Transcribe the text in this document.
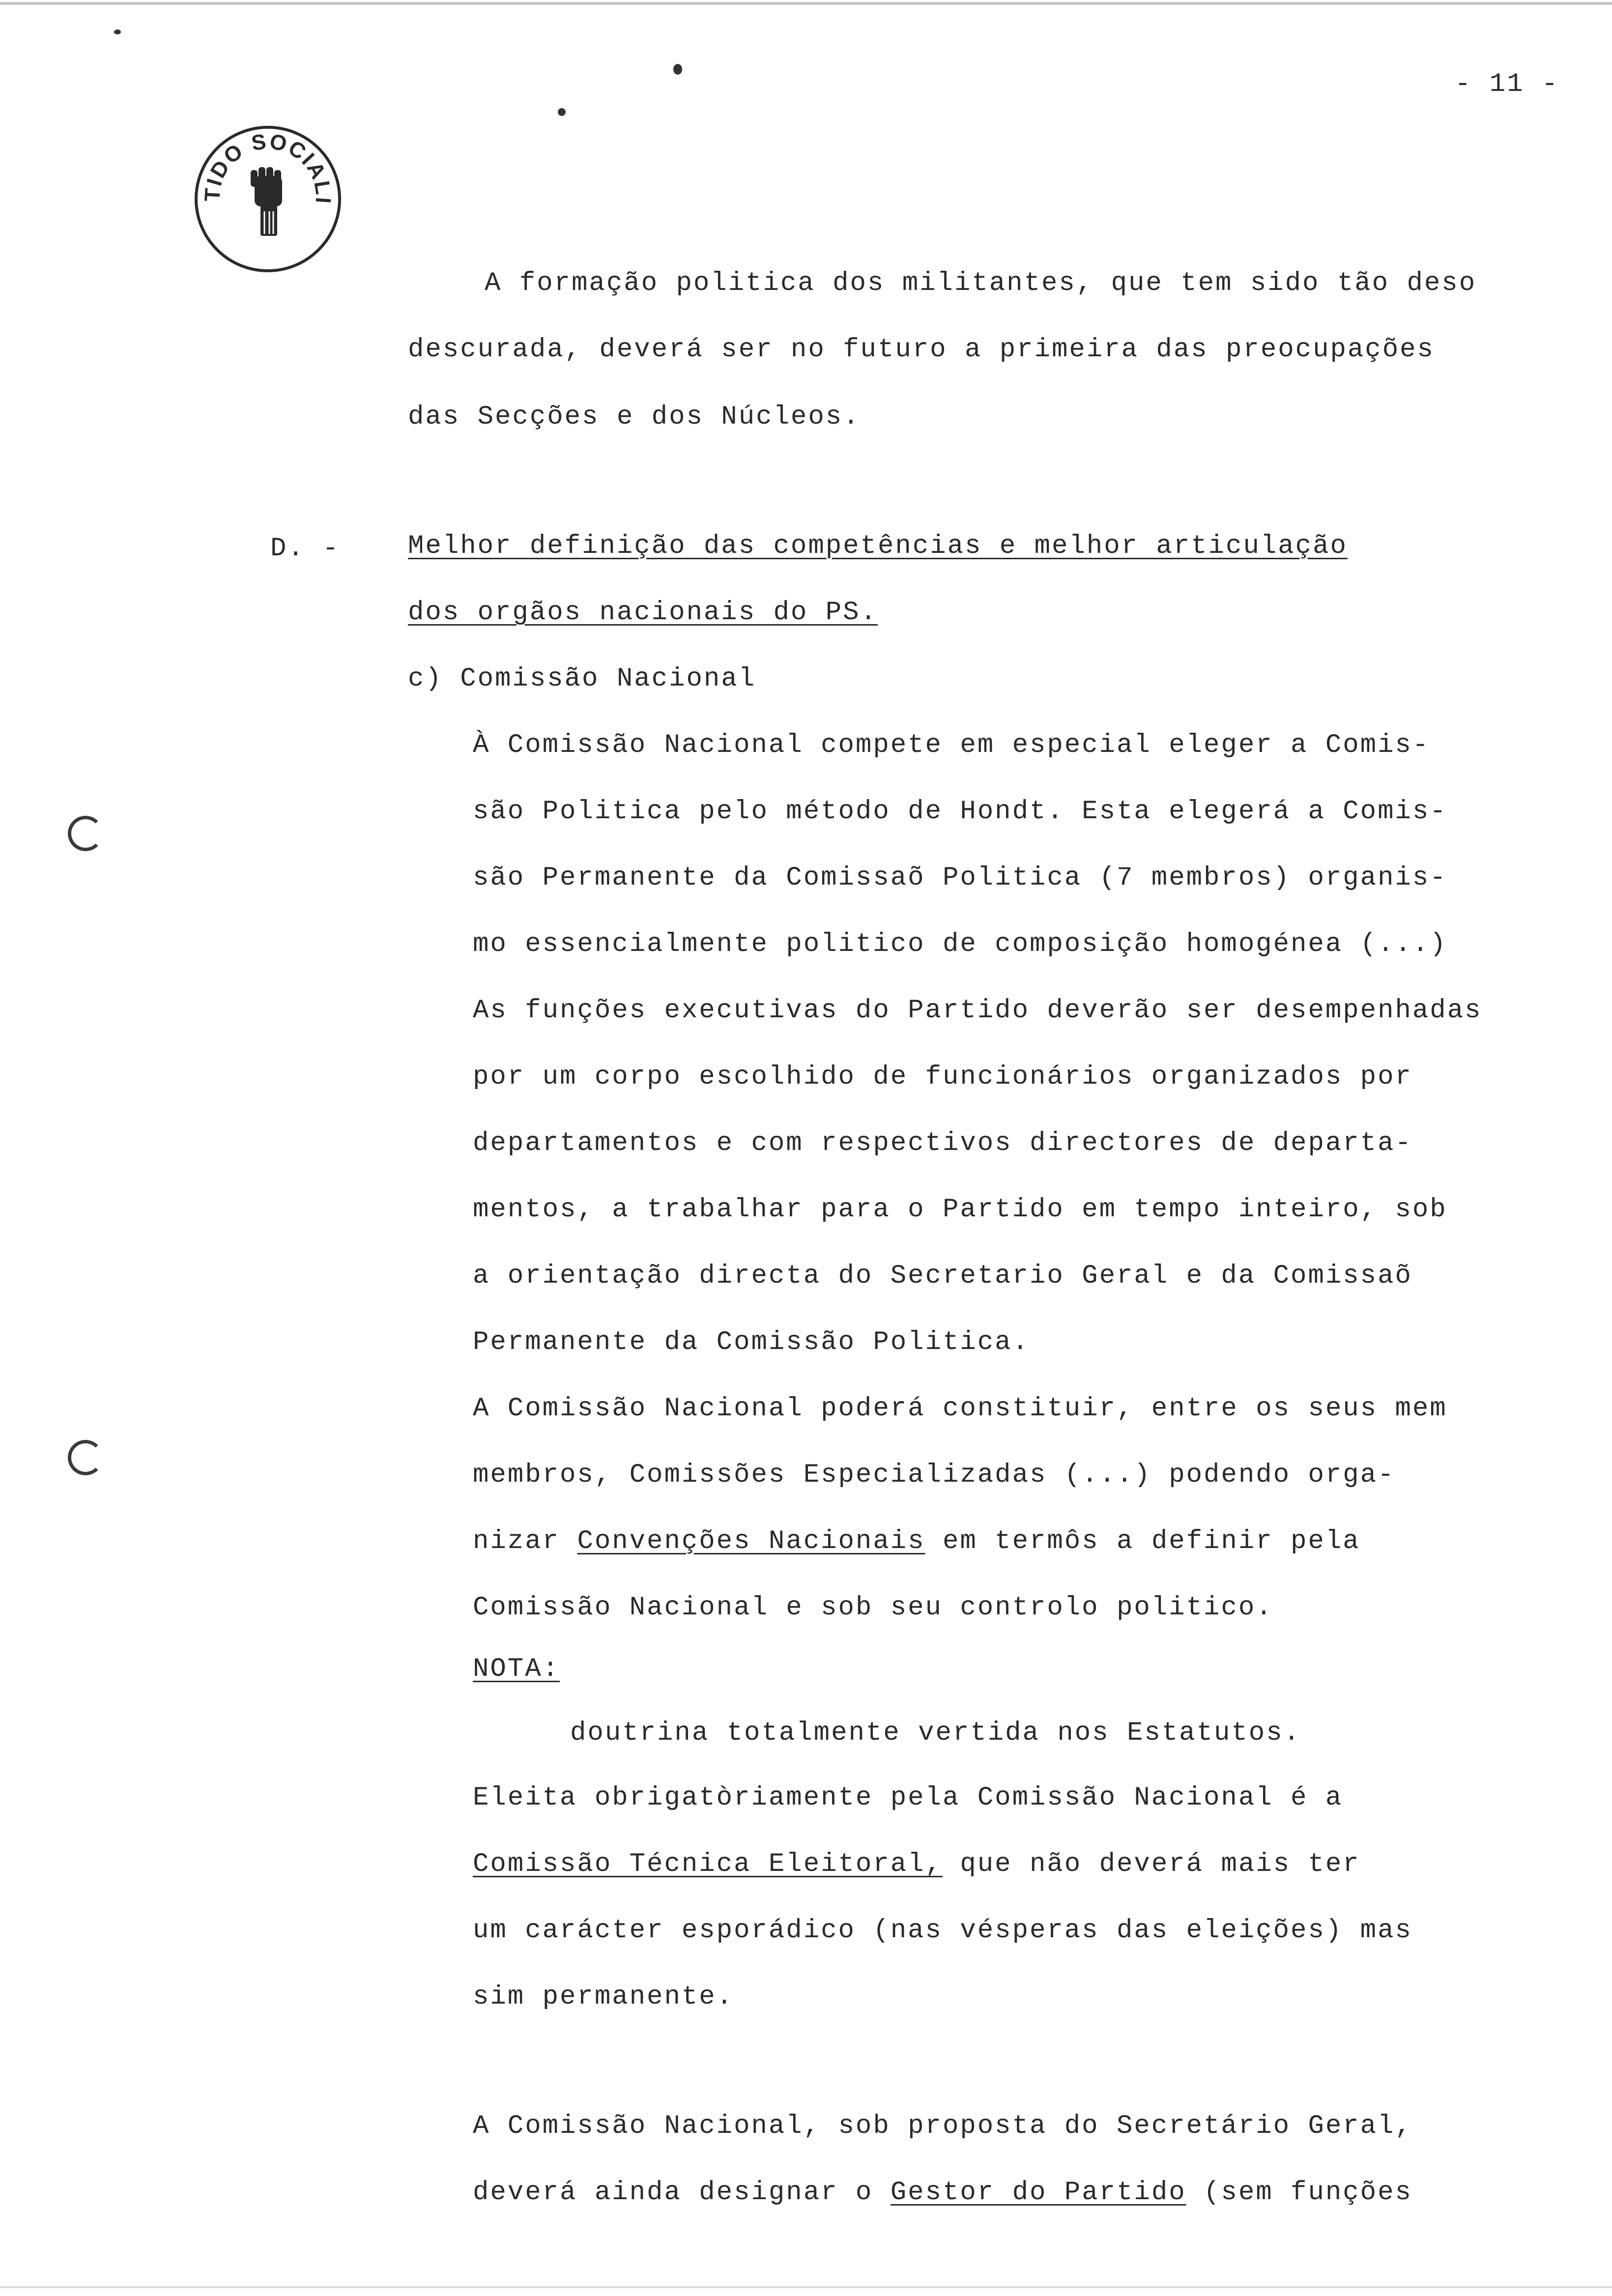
- 11 -
TIDO SOCIALI
A formação politica dos militantes, que tem sido tão deso
descurada, deverá ser no futuro a primeira das preocupações
das Secções e dos Núcleos.
D. -	Melhor definição das competências e melhor articulação
dos orgãos nacionais do PS.
c) Comissão Nacional
À Comissão Nacional compete em especial eleger a Comis-
são Politica pelo método de Hondt. Esta elegerá a Comis-
são Permanente da Comissaõ Politica (7 membros) organis-
mo essencialmente politico de composição homogénea (...)
As funções executivas do Partido deverão ser desempenhadas
por um corpo escolhido de funcionários organizados por
departamentos e com respectivos directores de departa-
mentos, a trabalhar para o Partido em tempo inteiro, sob
a orientação directa do Secretario Geral e da Comissaõ
Permanente da Comissão Politica.
A Comissão Nacional poderá constituir, entre os seus mem
membros, Comissões Especializadas (...) podendo orga-
nizar Convenções Nacionais em termôs a definir pela
Comissão Nacional e sob seu controlo politico.
NOTA:
doutrina totalmente vertida nos Estatutos.
Eleita obrigatòriamente pela Comissão Nacional é a
Comissão Técnica Eleitoral, que não deverá mais ter
um carácter esporádico (nas vésperas das eleições) mas
sim permanente.
A Comissão Nacional, sob proposta do Secretário Geral,
deverá ainda designar o Gestor do Partido (sem funções
